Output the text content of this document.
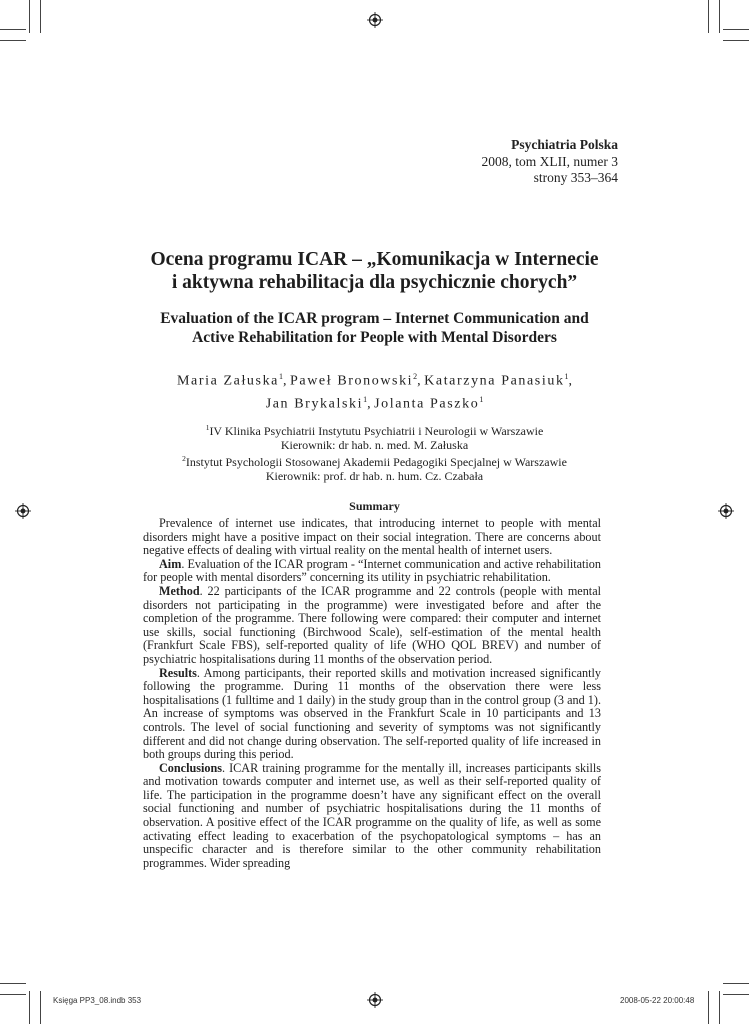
Psychiatria Polska
2008, tom XLII, numer 3
strony 353–364
Ocena programu ICAR – „Komunikacja w Internecie
i aktywna rehabilitacja dla psychicznie chorych”
Evaluation of the ICAR program – Internet Communication and
Active Rehabilitation for People with Mental Disorders
Maria Załuska$^1$, Paweł Bronowski$^2$, Katarzyna Panasiuk$^1$,
Jan Brykalski$^1$, Jolanta Paszko$^1$
$^1$IV Klinika Psychiatrii Instytutu Psychiatrii i Neurologii w Warszawie
Kierownik: dr hab. n. med. M. Załuska
$^2$Instytut Psychologii Stosowanej Akademii Pedagogiki Specjalnej w Warszawie
Kierownik: prof. dr hab. n. hum. Cz. Czabała
Summary

Prevalence of internet use indicates, that introducing internet to people with mental disorders might have a positive impact on their social integration. There are concerns about negative effects of dealing with virtual reality on the mental health of internet users.

Aim. Evaluation of the ICAR program - “Internet communication and active rehabilitation for people with mental disorders” concerning its utility in psychiatric rehabilitation.

Method. 22 participants of the ICAR programme and 22 controls (people with mental disorders not participating in the programme) were investigated before and after the completion of the programme. There following were compared: their computer and internet use skills, social functioning (Birchwood Scale), self-estimation of the mental health (Frankfurt Scale FBS), self-reported quality of life (WHO QOL BREV) and number of psychiatric hospitalisations during 11 months of the observation period.

Results. Among participants, their reported skills and motivation increased significantly following the programme. During 11 months of the observation there were less hospitalisations (1 fulltime and 1 daily) in the study group than in the control group (3 and 1). An increase of symptoms was observed in the Frankfurt Scale in 10 participants and 13 controls. The level of social functioning and severity of symptoms was not significantly different and did not change during observation. The self-reported quality of life increased in both groups during this period.

Conclusions. ICAR training programme for the mentally ill, increases participants skills and motivation towards computer and internet use, as well as their self-reported quality of life. The participation in the programme doesn’t have any significant effect on the overall social functioning and number of psychiatric hospitalisations during the 11 months of observation. A positive effect of the ICAR programme on the quality of life, as well as some activating effect leading to exacerbation of the psychopatological symptoms – has an unspecific character and is therefore similar to the other community rehabilitation programmes. Wider spreading

Księga PP3_08.indb 353	2008-05-22 20:00:48
